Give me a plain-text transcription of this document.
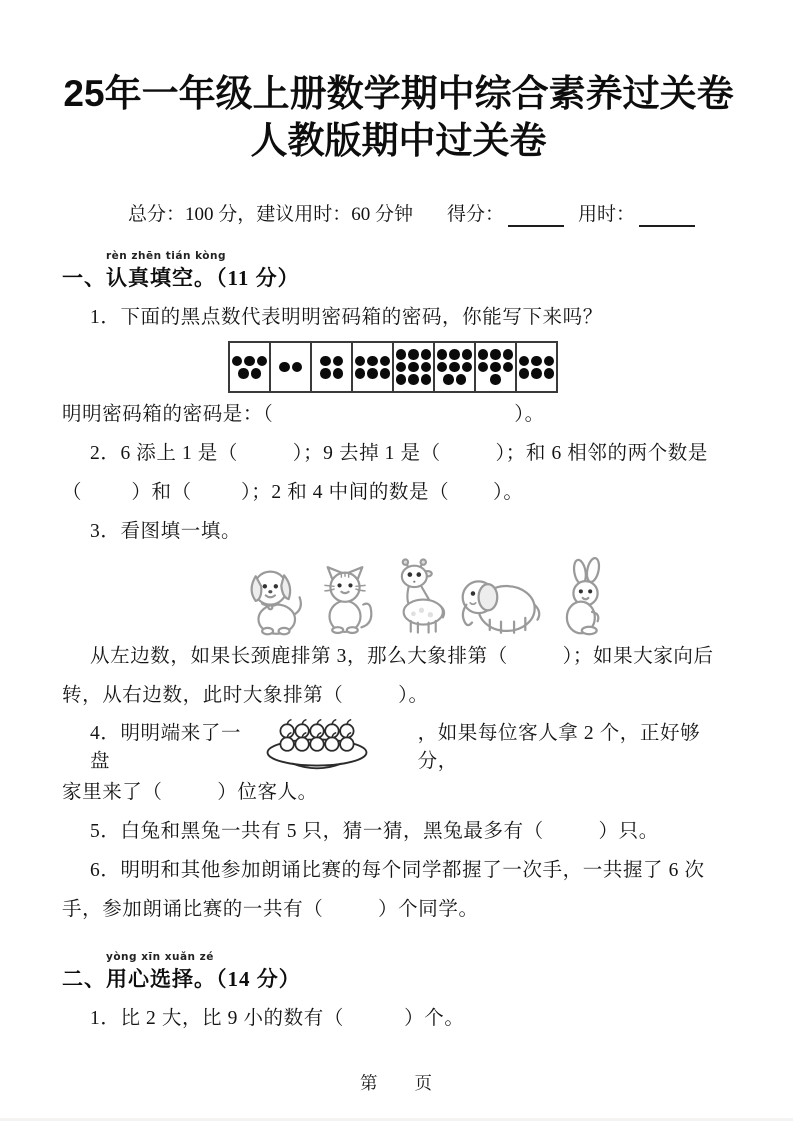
25年一年级上册数学期中综合素养过关卷
人教版期中过关卷
总分：100 分，建议用时：60 分钟 得分：	用时：
rèn zhēn tián kòng
一、认真填空。（11 分）
1．下面的黑点数代表明明密码箱的密码，你能写下来吗？
明明密码箱的密码是：（                                            ）。
2．6 添上 1 是（          ）；9 去掉 1 是（          ）；和 6 相邻的两个数是
（         ）和（         ）；2 和 4 中间的数是（        ）。
3．看图填一填。
从左边数，如果长颈鹿排第 3，那么大象排第（          ）；如果大家向后
转，从右边数，此时大象排第（          ）。
4．明明端来了一盘

，如果每位客人拿 2 个，正好够分，
家里来了（          ）位客人。
5．白兔和黑兔一共有 5 只，猜一猜，黑兔最多有（          ）只。
6．明明和其他参加朗诵比赛的每个同学都握了一次手，一共握了 6 次
手，参加朗诵比赛的一共有（          ）个同学。
yòng xīn xuǎn zé
二、用心选择。（14 分）
1．比 2 大，比 9 小的数有（           ）个。
第 页
